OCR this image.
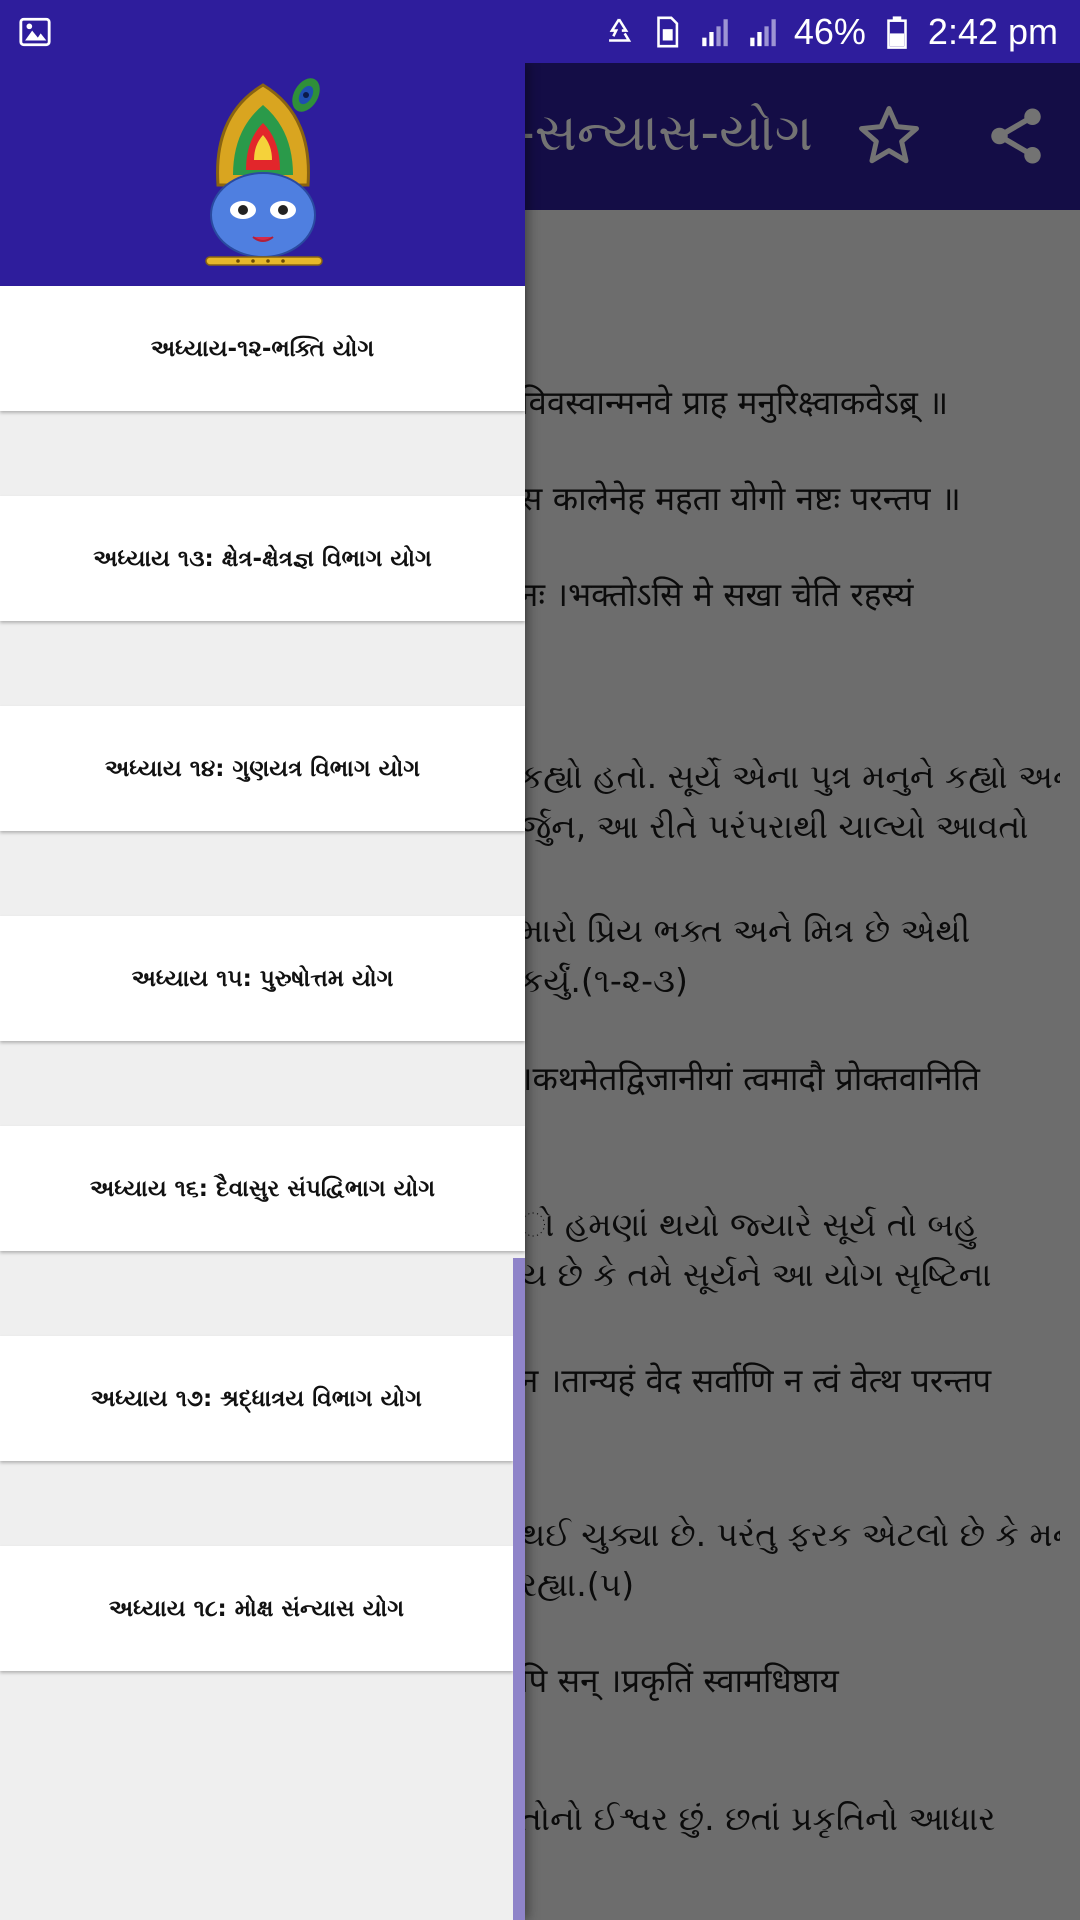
46% 2:42 pm

અધ્યાય-૧૨-ભક્તિ યોગ
અધ્યાય ૧૩: ક્ષેત્ર-ક્ષેત્રજ્ઞ વિભાગ યોગ
અધ્યાય ૧૪: ગુણયત્ર વિભાગ યોગ
અધ્યાય ૧૫: પુરુષોત્તમ યોગ
અધ્યાય ૧૬: દૈવાસુર સંપદ્વિભાગ યોગ
અધ્યાય ૧૭: શ્રદ્ધાત્રય વિભાગ યોગ
અધ્યાય ૧૮: મોક્ષ સંન્યાસ યોગ
